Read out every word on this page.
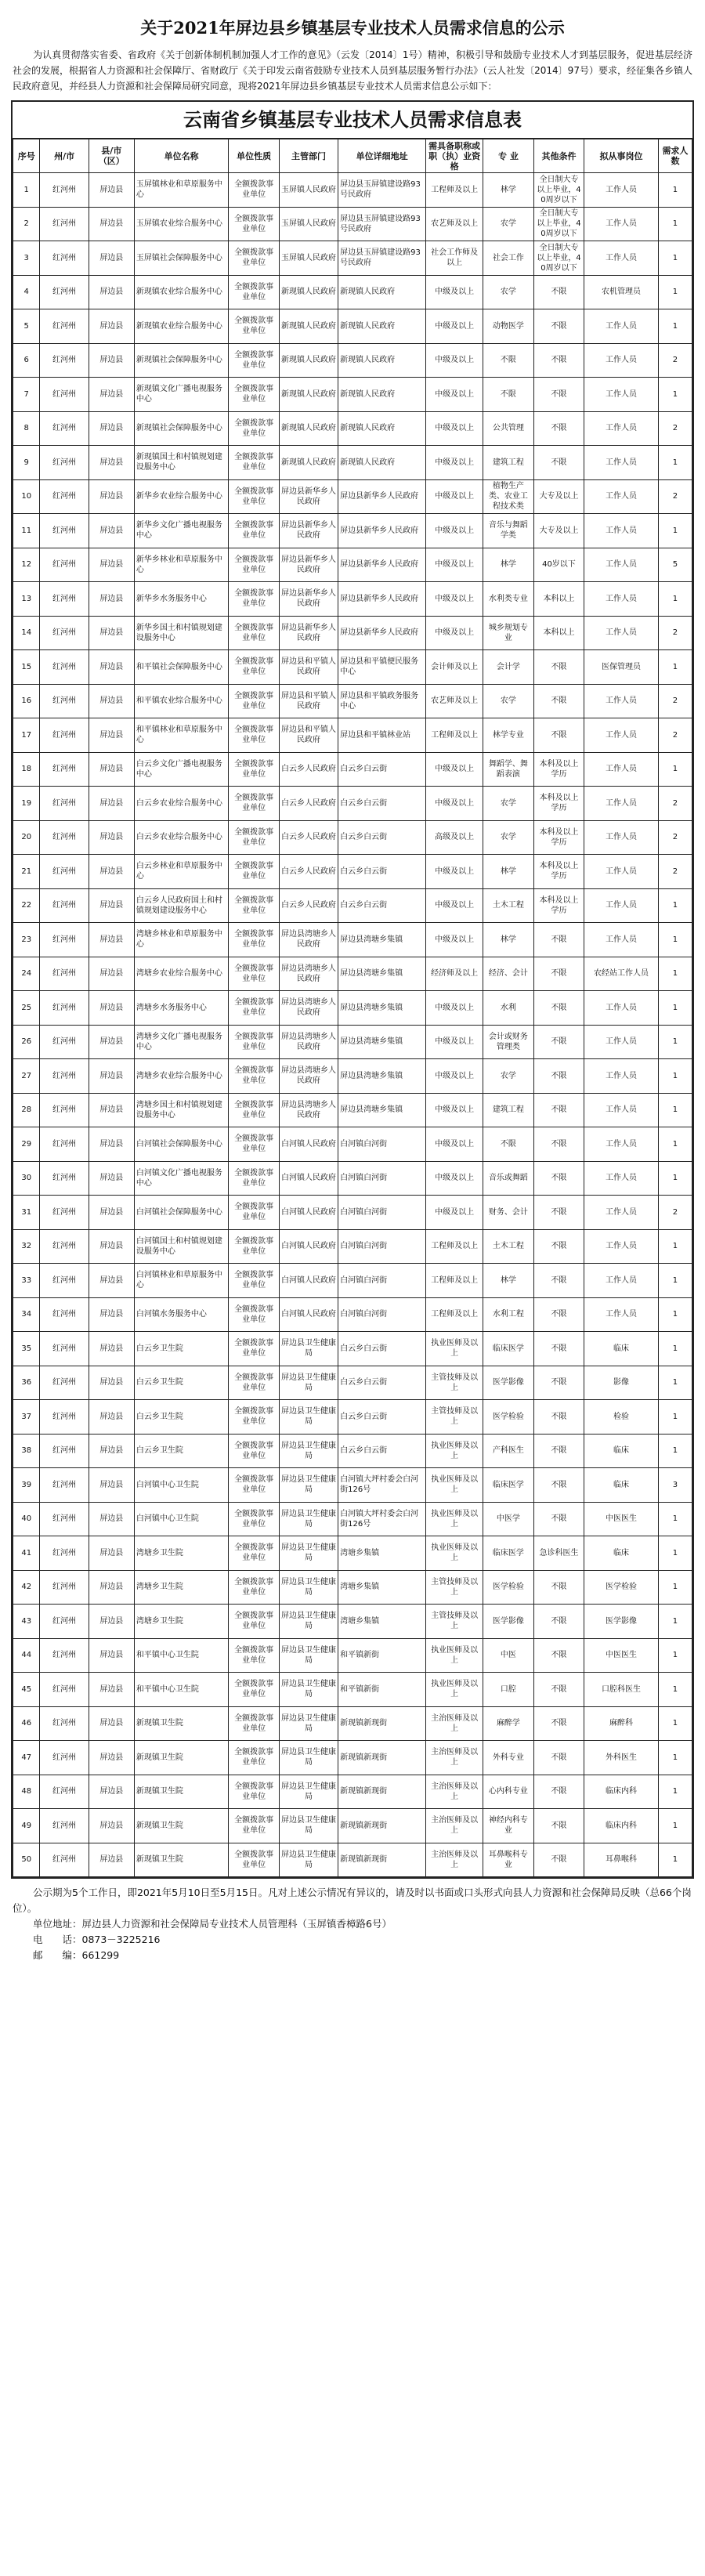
关于2021年屏边县乡镇基层专业技术人员需求信息的公示

为认真贯彻落实省委、省政府《关于创新体制机制加强人才工作的意见》（云发〔2014〕1号）精神，积极引导和鼓励专业技术人才到基层服务，促进基层经济社会的发展，根据省人力资源和社会保障厅、省财政厅《关于印发云南省鼓励专业技术人员到基层服务暂行办法》（云人社发〔2014〕97号）要求，经征集各乡镇人民政府意见，并经县人力资源和社会保障局研究同意，现将2021年屏边县乡镇基层专业技术人员需求信息公示如下：

云南省乡镇基层专业技术人员需求信息表
序号	州/市	县/市（区）	单位名称	单位性质	主管部门	单位详细地址	需具备职称或职（执）业资格	专 业	其他条件	拟从事岗位	需求人数
1	红河州	屏边县	玉屏镇林业和草原服务中心	全额拨款事业单位	玉屏镇人民政府	屏边县玉屏镇建设路93号民政府	工程师及以上	林学	全日制大专以上毕业，40周岁以下	工作人员	1
2	红河州	屏边县	玉屏镇农业综合服务中心	全额拨款事业单位	玉屏镇人民政府	屏边县玉屏镇建设路93号民政府	农艺师及以上	农学	全日制大专以上毕业，40周岁以下	工作人员	1
3	红河州	屏边县	玉屏镇社会保障服务中心	全额拨款事业单位	玉屏镇人民政府	屏边县玉屏镇建设路93号民政府	社会工作师及以上	社会工作	全日制大专以上毕业，40周岁以下	工作人员	1
4	红河州	屏边县	新现镇农业综合服务中心	全额拨款事业单位	新现镇人民政府	新现镇人民政府	中级及以上	农学	不限	农机管理员	1
5	红河州	屏边县	新现镇农业综合服务中心	全额拨款事业单位	新现镇人民政府	新现镇人民政府	中级及以上	动物医学	不限	工作人员	1
6	红河州	屏边县	新现镇社会保障服务中心	全额拨款事业单位	新现镇人民政府	新现镇人民政府	中级及以上	不限	不限	工作人员	2
7	红河州	屏边县	新现镇文化广播电视服务中心	全额拨款事业单位	新现镇人民政府	新现镇人民政府	中级及以上	不限	不限	工作人员	1
8	红河州	屏边县	新现镇社会保障服务中心	全额拨款事业单位	新现镇人民政府	新现镇人民政府	中级及以上	公共管理	不限	工作人员	2
9	红河州	屏边县	新现镇国土和村镇规划建设服务中心	全额拨款事业单位	新现镇人民政府	新现镇人民政府	中级及以上	建筑工程	不限	工作人员	1
10	红河州	屏边县	新华乡农业综合服务中心	全额拨款事业单位	屏边县新华乡人民政府	屏边县新华乡人民政府	中级及以上	植物生产类、农业工程技术类	大专及以上	工作人员	2
11	红河州	屏边县	新华乡文化广播电视服务中心	全额拨款事业单位	屏边县新华乡人民政府	屏边县新华乡人民政府	中级及以上	音乐与舞蹈学类	大专及以上	工作人员	1
12	红河州	屏边县	新华乡林业和草原服务中心	全额拨款事业单位	屏边县新华乡人民政府	屏边县新华乡人民政府	中级及以上	林学	40岁以下	工作人员	5
13	红河州	屏边县	新华乡水务服务中心	全额拨款事业单位	屏边县新华乡人民政府	屏边县新华乡人民政府	中级及以上	水利类专业	本科以上	工作人员	1
14	红河州	屏边县	新华乡国土和村镇规划建设服务中心	全额拨款事业单位	屏边县新华乡人民政府	屏边县新华乡人民政府	中级及以上	城乡规划专业	本科以上	工作人员	2
15	红河州	屏边县	和平镇社会保障服务中心	全额拨款事业单位	屏边县和平镇人民政府	屏边县和平镇便民服务中心	会计师及以上	会计学	不限	医保管理员	1
16	红河州	屏边县	和平镇农业综合服务中心	全额拨款事业单位	屏边县和平镇人民政府	屏边县和平镇政务服务中心	农艺师及以上	农学	不限	工作人员	2
17	红河州	屏边县	和平镇林业和草原服务中心	全额拨款事业单位	屏边县和平镇人民政府	屏边县和平镇林业站	工程师及以上	林学专业	不限	工作人员	2
18	红河州	屏边县	白云乡文化广播电视服务中心	全额拨款事业单位	白云乡人民政府	白云乡白云街	中级及以上	舞蹈学、舞蹈表演	本科及以上学历	工作人员	1
19	红河州	屏边县	白云乡农业综合服务中心	全额拨款事业单位	白云乡人民政府	白云乡白云街	中级及以上	农学	本科及以上学历	工作人员	2
20	红河州	屏边县	白云乡农业综合服务中心	全额拨款事业单位	白云乡人民政府	白云乡白云街	高级及以上	农学	本科及以上学历	工作人员	2
21	红河州	屏边县	白云乡林业和草原服务中心	全额拨款事业单位	白云乡人民政府	白云乡白云街	中级及以上	林学	本科及以上学历	工作人员	2
22	红河州	屏边县	白云乡人民政府国土和村镇规划建设服务中心	全额拨款事业单位	白云乡人民政府	白云乡白云街	中级及以上	土木工程	本科及以上学历	工作人员	1
23	红河州	屏边县	湾塘乡林业和草原服务中心	全额拨款事业单位	屏边县湾塘乡人民政府	屏边县湾塘乡集镇	中级及以上	林学	不限	工作人员	1
24	红河州	屏边县	湾塘乡农业综合服务中心	全额拨款事业单位	屏边县湾塘乡人民政府	屏边县湾塘乡集镇	经济师及以上	经济、会计	不限	农经站工作人员	1
25	红河州	屏边县	湾塘乡水务服务中心	全额拨款事业单位	屏边县湾塘乡人民政府	屏边县湾塘乡集镇	中级及以上	水利	不限	工作人员	1
26	红河州	屏边县	湾塘乡文化广播电视服务中心	全额拨款事业单位	屏边县湾塘乡人民政府	屏边县湾塘乡集镇	中级及以上	会计或财务管理类	不限	工作人员	1
27	红河州	屏边县	湾塘乡农业综合服务中心	全额拨款事业单位	屏边县湾塘乡人民政府	屏边县湾塘乡集镇	中级及以上	农学	不限	工作人员	1
28	红河州	屏边县	湾塘乡国土和村镇规划建设服务中心	全额拨款事业单位	屏边县湾塘乡人民政府	屏边县湾塘乡集镇	中级及以上	建筑工程	不限	工作人员	1
29	红河州	屏边县	白河镇社会保障服务中心	全额拨款事业单位	白河镇人民政府	白河镇白河街	中级及以上	不限	不限	工作人员	1
30	红河州	屏边县	白河镇文化广播电视服务中心	全额拨款事业单位	白河镇人民政府	白河镇白河街	中级及以上	音乐或舞蹈	不限	工作人员	1
31	红河州	屏边县	白河镇社会保障服务中心	全额拨款事业单位	白河镇人民政府	白河镇白河街	中级及以上	财务、会计	不限	工作人员	2
32	红河州	屏边县	白河镇国土和村镇规划建设服务中心	全额拨款事业单位	白河镇人民政府	白河镇白河街	工程师及以上	土木工程	不限	工作人员	1
33	红河州	屏边县	白河镇林业和草原服务中心	全额拨款事业单位	白河镇人民政府	白河镇白河街	工程师及以上	林学	不限	工作人员	1
34	红河州	屏边县	白河镇水务服务中心	全额拨款事业单位	白河镇人民政府	白河镇白河街	工程师及以上	水利工程	不限	工作人员	1
35	红河州	屏边县	白云乡卫生院	全额拨款事业单位	屏边县卫生健康局	白云乡白云街	执业医师及以上	临床医学	不限	临床	1
36	红河州	屏边县	白云乡卫生院	全额拨款事业单位	屏边县卫生健康局	白云乡白云街	主管技师及以上	医学影像	不限	影像	1
37	红河州	屏边县	白云乡卫生院	全额拨款事业单位	屏边县卫生健康局	白云乡白云街	主管技师及以上	医学检验	不限	检验	1
38	红河州	屏边县	白云乡卫生院	全额拨款事业单位	屏边县卫生健康局	白云乡白云街	执业医师及以上	产科医生	不限	临床	1
39	红河州	屏边县	白河镇中心卫生院	全额拨款事业单位	屏边县卫生健康局	白河镇大坪村委会白河街126号	执业医师及以上	临床医学	不限	临床	3
40	红河州	屏边县	白河镇中心卫生院	全额拨款事业单位	屏边县卫生健康局	白河镇大坪村委会白河街126号	执业医师及以上	中医学	不限	中医医生	1
41	红河州	屏边县	湾塘乡卫生院	全额拨款事业单位	屏边县卫生健康局	湾塘乡集镇	执业医师及以上	临床医学	急诊科医生	临床	1
42	红河州	屏边县	湾塘乡卫生院	全额拨款事业单位	屏边县卫生健康局	湾塘乡集镇	主管技师及以上	医学检验	不限	医学检验	1
43	红河州	屏边县	湾塘乡卫生院	全额拨款事业单位	屏边县卫生健康局	湾塘乡集镇	主管技师及以上	医学影像	不限	医学影像	1
44	红河州	屏边县	和平镇中心卫生院	全额拨款事业单位	屏边县卫生健康局	和平镇新街	执业医师及以上	中医	不限	中医医生	1
45	红河州	屏边县	和平镇中心卫生院	全额拨款事业单位	屏边县卫生健康局	和平镇新街	执业医师及以上	口腔	不限	口腔科医生	1
46	红河州	屏边县	新现镇卫生院	全额拨款事业单位	屏边县卫生健康局	新现镇新现街	主治医师及以上	麻醉学	不限	麻醉科	1
47	红河州	屏边县	新现镇卫生院	全额拨款事业单位	屏边县卫生健康局	新现镇新现街	主治医师及以上	外科专业	不限	外科医生	1
48	红河州	屏边县	新现镇卫生院	全额拨款事业单位	屏边县卫生健康局	新现镇新现街	主治医师及以上	心内科专业	不限	临床内科	1
49	红河州	屏边县	新现镇卫生院	全额拨款事业单位	屏边县卫生健康局	新现镇新现街	主治医师及以上	神经内科专业	不限	临床内科	1
50	红河州	屏边县	新现镇卫生院	全额拨款事业单位	屏边县卫生健康局	新现镇新现街	主治医师及以上	耳鼻喉科专业	不限	耳鼻喉科	1

公示期为5个工作日，即2021年5月10日至5月15日。凡对上述公示情况有异议的，请及时以书面或口头形式向县人力资源和社会保障局反映（总66个岗位）。

单位地址：屏边县人力资源和社会保障局专业技术人员管理科（玉屏镇香樟路6号）

电　　话：0873－3225216

邮　　编：661299
